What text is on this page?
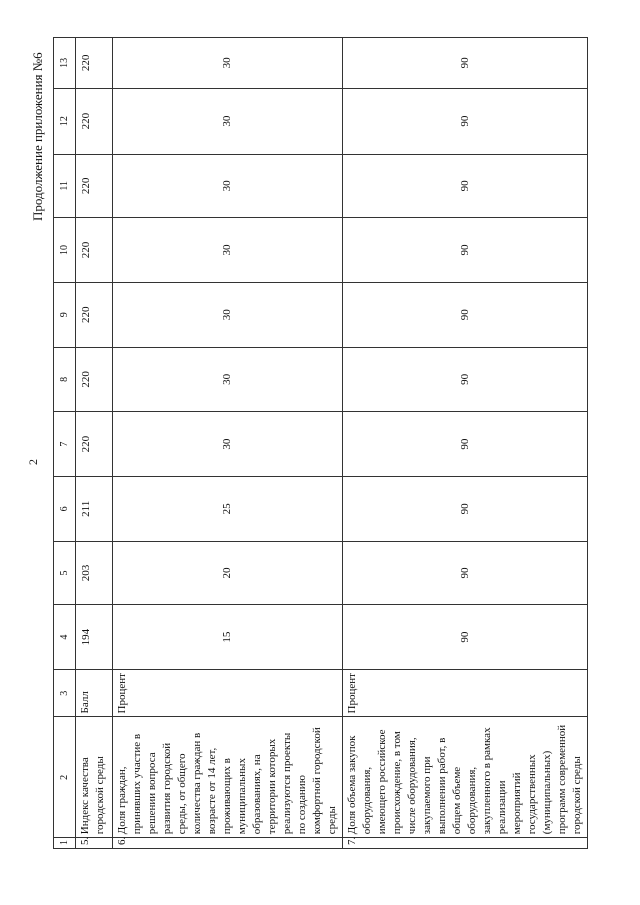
2
Продолжение приложения №6
1	2	3	4	5	6	7	8	9	10	11	12	13
5.	Индекс качества городской среды	Балл	194	203	211	220	220	220	220	220	220	220
6.	Доля граждан, принявших участие в решении вопроса развития городской среды, от общего количества граждан в возрасте от 14 лет, проживающих в муниципальных образованиях, на территории которых реализуются проекты по созданию комфортной городской среды	Процент	15	20	25	30	30	30	30	30	30	30
7.	Доля объема закупок оборудования, имеющего российское происхождение, в том числе оборудования, закупаемого при выполнении работ, в общем объеме оборудования, закупленного в рамках реализации мероприятий государственных (муниципальных) программ современной городской среды	Процент	90	90	90	90	90	90	90	90	90	90
